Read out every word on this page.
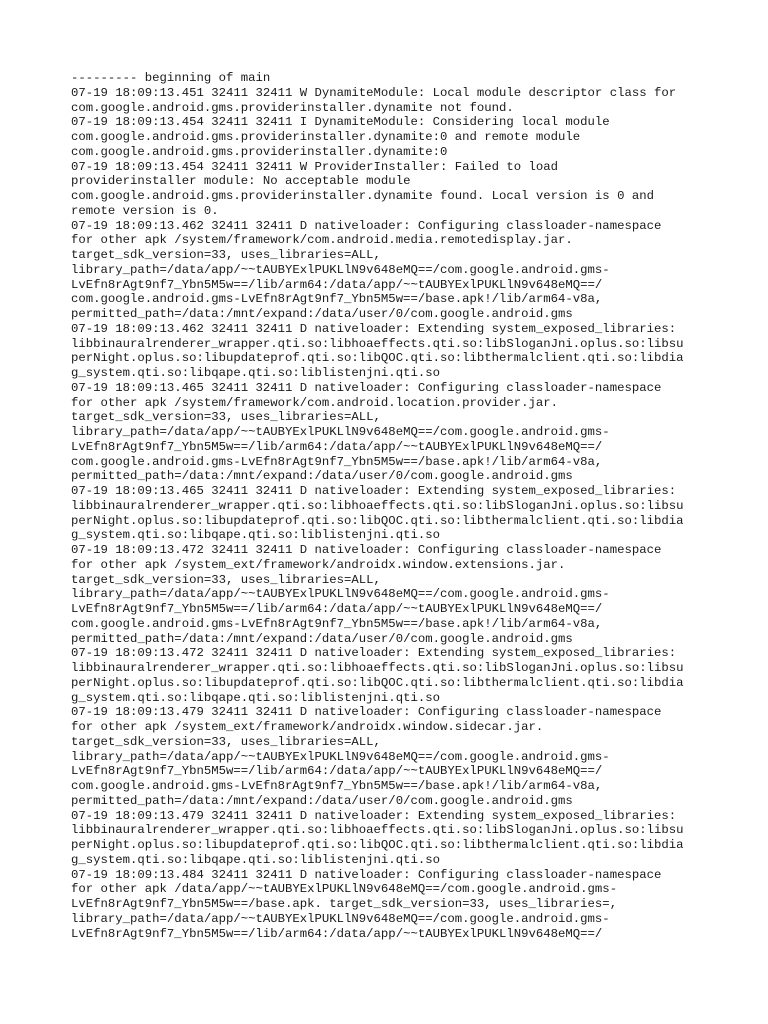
--------- beginning of main
07-19 18:09:13.451 32411 32411 W DynamiteModule: Local module descriptor class for
com.google.android.gms.providerinstaller.dynamite not found.
07-19 18:09:13.454 32411 32411 I DynamiteModule: Considering local module
com.google.android.gms.providerinstaller.dynamite:0 and remote module
com.google.android.gms.providerinstaller.dynamite:0
07-19 18:09:13.454 32411 32411 W ProviderInstaller: Failed to load
providerinstaller module: No acceptable module
com.google.android.gms.providerinstaller.dynamite found. Local version is 0 and
remote version is 0.
07-19 18:09:13.462 32411 32411 D nativeloader: Configuring classloader-namespace
for other apk /system/framework/com.android.media.remotedisplay.jar.
target_sdk_version=33, uses_libraries=ALL,
library_path=/data/app/~~tAUBYExlPUKLlN9v648eMQ==/com.google.android.gms-
LvEfn8rAgt9nf7_Ybn5M5w==/lib/arm64:/data/app/~~tAUBYExlPUKLlN9v648eMQ==/
com.google.android.gms-LvEfn8rAgt9nf7_Ybn5M5w==/base.apk!/lib/arm64-v8a,
permitted_path=/data:/mnt/expand:/data/user/0/com.google.android.gms
07-19 18:09:13.462 32411 32411 D nativeloader: Extending system_exposed_libraries:
libbinauralrenderer_wrapper.qti.so:libhoaeffects.qti.so:libSloganJni.oplus.so:libsu
perNight.oplus.so:libupdateprof.qti.so:libQOC.qti.so:libthermalclient.qti.so:libdia
g_system.qti.so:libqape.qti.so:liblistenjni.qti.so
07-19 18:09:13.465 32411 32411 D nativeloader: Configuring classloader-namespace
for other apk /system/framework/com.android.location.provider.jar.
target_sdk_version=33, uses_libraries=ALL,
library_path=/data/app/~~tAUBYExlPUKLlN9v648eMQ==/com.google.android.gms-
LvEfn8rAgt9nf7_Ybn5M5w==/lib/arm64:/data/app/~~tAUBYExlPUKLlN9v648eMQ==/
com.google.android.gms-LvEfn8rAgt9nf7_Ybn5M5w==/base.apk!/lib/arm64-v8a,
permitted_path=/data:/mnt/expand:/data/user/0/com.google.android.gms
07-19 18:09:13.465 32411 32411 D nativeloader: Extending system_exposed_libraries:
libbinauralrenderer_wrapper.qti.so:libhoaeffects.qti.so:libSloganJni.oplus.so:libsu
perNight.oplus.so:libupdateprof.qti.so:libQOC.qti.so:libthermalclient.qti.so:libdia
g_system.qti.so:libqape.qti.so:liblistenjni.qti.so
07-19 18:09:13.472 32411 32411 D nativeloader: Configuring classloader-namespace
for other apk /system_ext/framework/androidx.window.extensions.jar.
target_sdk_version=33, uses_libraries=ALL,
library_path=/data/app/~~tAUBYExlPUKLlN9v648eMQ==/com.google.android.gms-
LvEfn8rAgt9nf7_Ybn5M5w==/lib/arm64:/data/app/~~tAUBYExlPUKLlN9v648eMQ==/
com.google.android.gms-LvEfn8rAgt9nf7_Ybn5M5w==/base.apk!/lib/arm64-v8a,
permitted_path=/data:/mnt/expand:/data/user/0/com.google.android.gms
07-19 18:09:13.472 32411 32411 D nativeloader: Extending system_exposed_libraries:
libbinauralrenderer_wrapper.qti.so:libhoaeffects.qti.so:libSloganJni.oplus.so:libsu
perNight.oplus.so:libupdateprof.qti.so:libQOC.qti.so:libthermalclient.qti.so:libdia
g_system.qti.so:libqape.qti.so:liblistenjni.qti.so
07-19 18:09:13.479 32411 32411 D nativeloader: Configuring classloader-namespace
for other apk /system_ext/framework/androidx.window.sidecar.jar.
target_sdk_version=33, uses_libraries=ALL,
library_path=/data/app/~~tAUBYExlPUKLlN9v648eMQ==/com.google.android.gms-
LvEfn8rAgt9nf7_Ybn5M5w==/lib/arm64:/data/app/~~tAUBYExlPUKLlN9v648eMQ==/
com.google.android.gms-LvEfn8rAgt9nf7_Ybn5M5w==/base.apk!/lib/arm64-v8a,
permitted_path=/data:/mnt/expand:/data/user/0/com.google.android.gms
07-19 18:09:13.479 32411 32411 D nativeloader: Extending system_exposed_libraries:
libbinauralrenderer_wrapper.qti.so:libhoaeffects.qti.so:libSloganJni.oplus.so:libsu
perNight.oplus.so:libupdateprof.qti.so:libQOC.qti.so:libthermalclient.qti.so:libdia
g_system.qti.so:libqape.qti.so:liblistenjni.qti.so
07-19 18:09:13.484 32411 32411 D nativeloader: Configuring classloader-namespace
for other apk /data/app/~~tAUBYExlPUKLlN9v648eMQ==/com.google.android.gms-
LvEfn8rAgt9nf7_Ybn5M5w==/base.apk. target_sdk_version=33, uses_libraries=,
library_path=/data/app/~~tAUBYExlPUKLlN9v648eMQ==/com.google.android.gms-
LvEfn8rAgt9nf7_Ybn5M5w==/lib/arm64:/data/app/~~tAUBYExlPUKLlN9v648eMQ==/
